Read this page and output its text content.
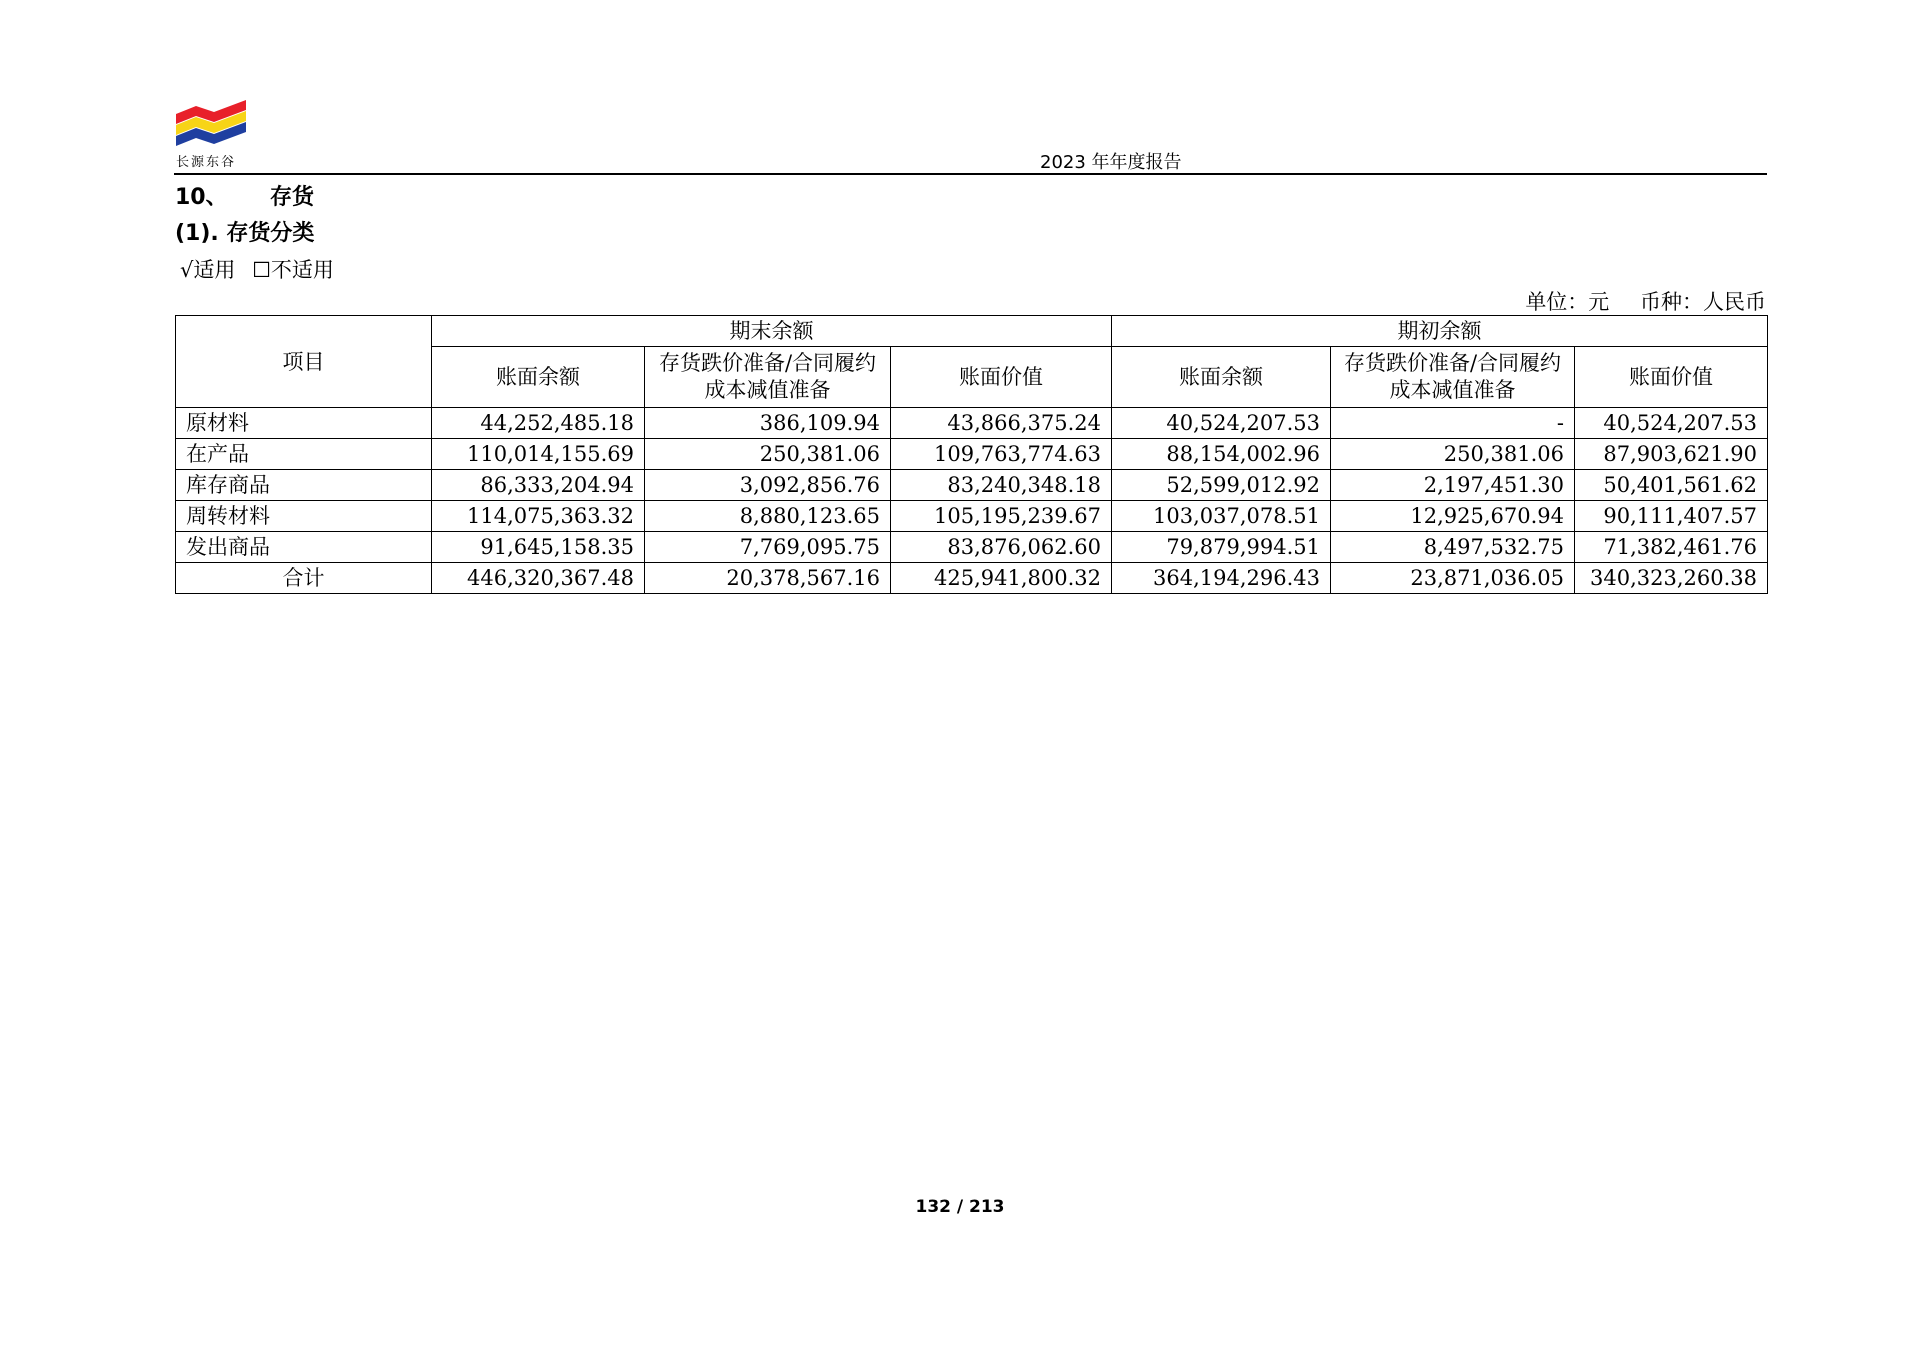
长源东谷	2023 年年度报告
10、 存货
(1). 存货分类
√适用 ☐不适用
单位：元 币种：人民币
项目	期末余额			期初余额		
	账面余额	存货跌价准备/合同履约成本减值准备	账面价值	账面余额	存货跌价准备/合同履约成本减值准备	账面价值
原材料	44,252,485.18	386,109.94	43,866,375.24	40,524,207.53	-	40,524,207.53
在产品	110,014,155.69	250,381.06	109,763,774.63	88,154,002.96	250,381.06	87,903,621.90
库存商品	86,333,204.94	3,092,856.76	83,240,348.18	52,599,012.92	2,197,451.30	50,401,561.62
周转材料	114,075,363.32	8,880,123.65	105,195,239.67	103,037,078.51	12,925,670.94	90,111,407.57
发出商品	91,645,158.35	7,769,095.75	83,876,062.60	79,879,994.51	8,497,532.75	71,382,461.76
合计	446,320,367.48	20,378,567.16	425,941,800.32	364,194,296.43	23,871,036.05	340,323,260.38
132 / 213
